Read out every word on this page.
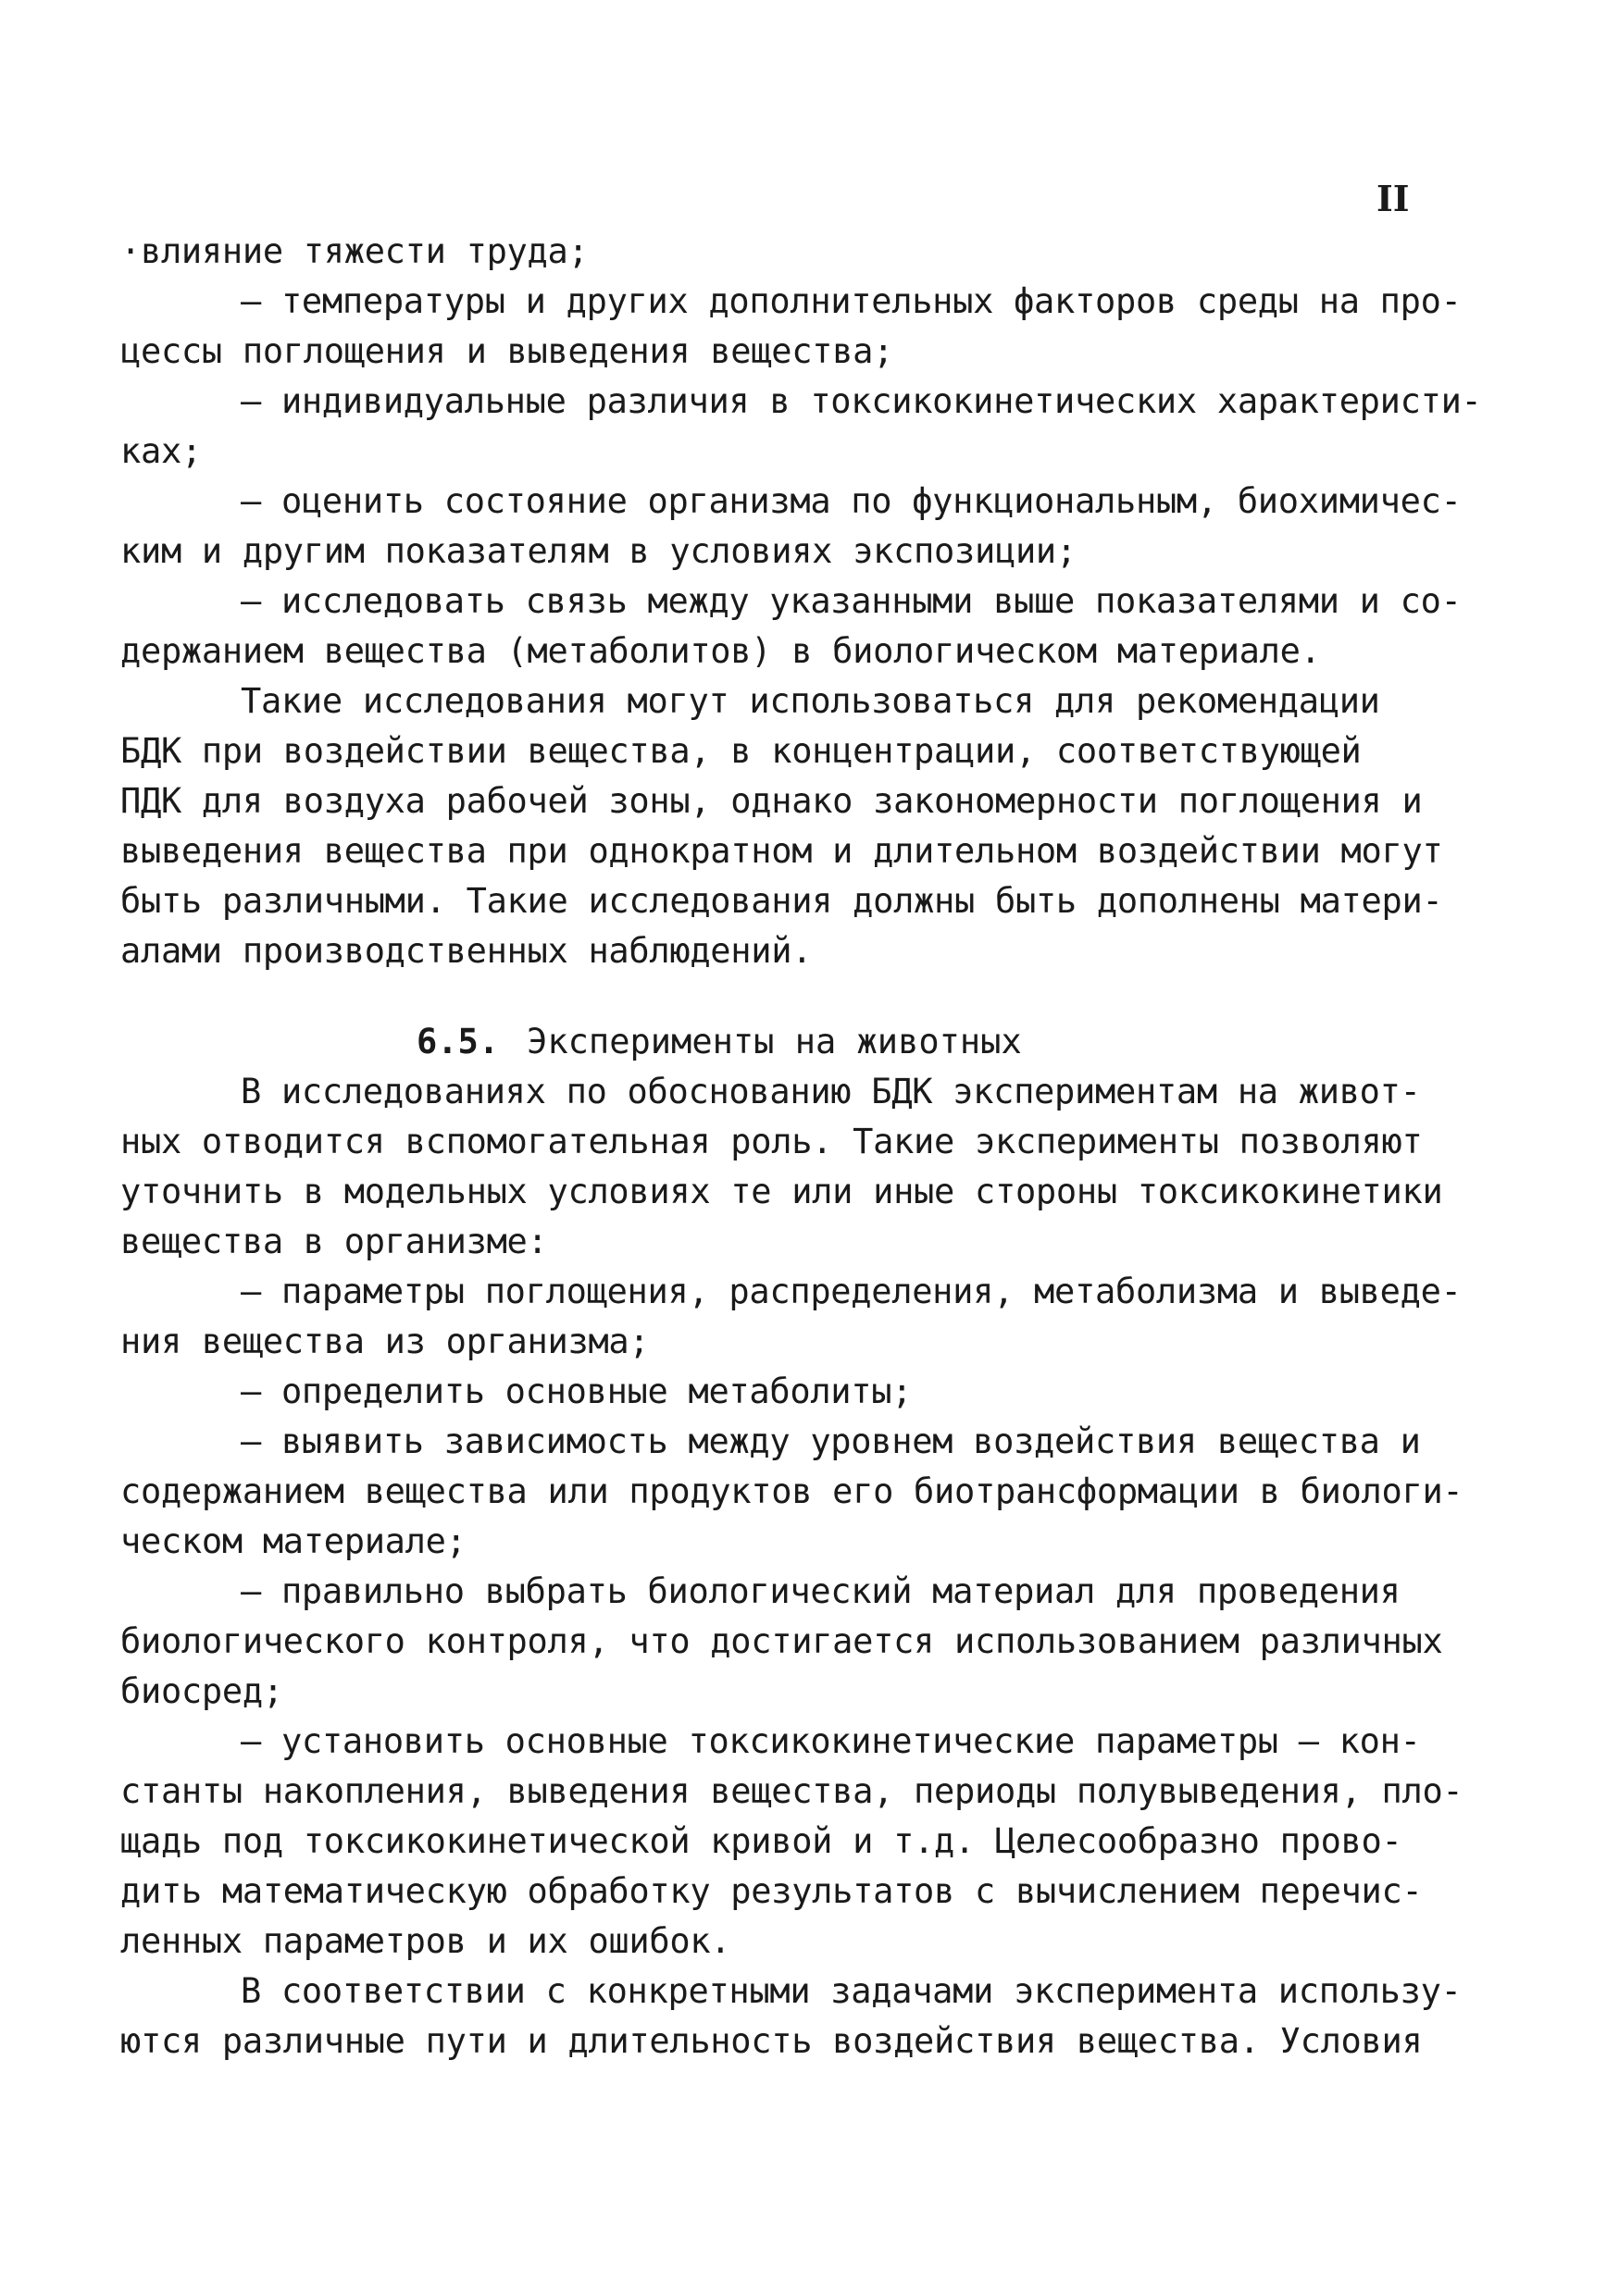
II

·влияние тяжести труда;

– температуры и других дополнительных факторов среды на про-

цессы поглощения и выведения вещества;

– индивидуальные различия в токсикокинетических характеристи-

ках;

– оценить состояние организма по функциональным, биохимичес-

ким и другим показателям в условиях экспозиции;

– исследовать связь между указанными выше показателями и со-

держанием вещества (метаболитов) в биологическом материале.

Такие исследования могут использоваться для рекомендации

БДК при воздействии вещества, в концентрации, соответствующей

ПДК для воздуха рабочей зоны, однако закономерности поглощения и

выведения вещества при однократном и длительном воздействии могут

быть различными. Такие исследования должны быть дополнены матери-

алами производственных наблюдений.

6.5. Эксперименты на животных

В исследованиях по обоснованию БДК экспериментам на живот-

ных отводится вспомогательная роль. Такие эксперименты позволяют

уточнить в модельных условиях те или иные стороны токсикокинетики

вещества в организме:

– параметры поглощения, распределения, метаболизма и выведе-

ния вещества из организма;

– определить основные метаболиты;

– выявить зависимость между уровнем воздействия вещества и

содержанием вещества или продуктов его биотрансформации в биологи-

ческом материале;

– правильно выбрать биологический материал для проведения

биологического контроля, что достигается использованием различных

биосред;

– установить основные токсикокинетические параметры – кон-

станты накопления, выведения вещества, периоды полувыведения, пло-

щадь под токсикокинетической кривой и т.д. Целесообразно прово-

дить математическую обработку результатов с вычислением перечис-

ленных параметров и их ошибок.

В соответствии с конкретными задачами эксперимента использу-

ются различные пути и длительность воздействия вещества. Условия
